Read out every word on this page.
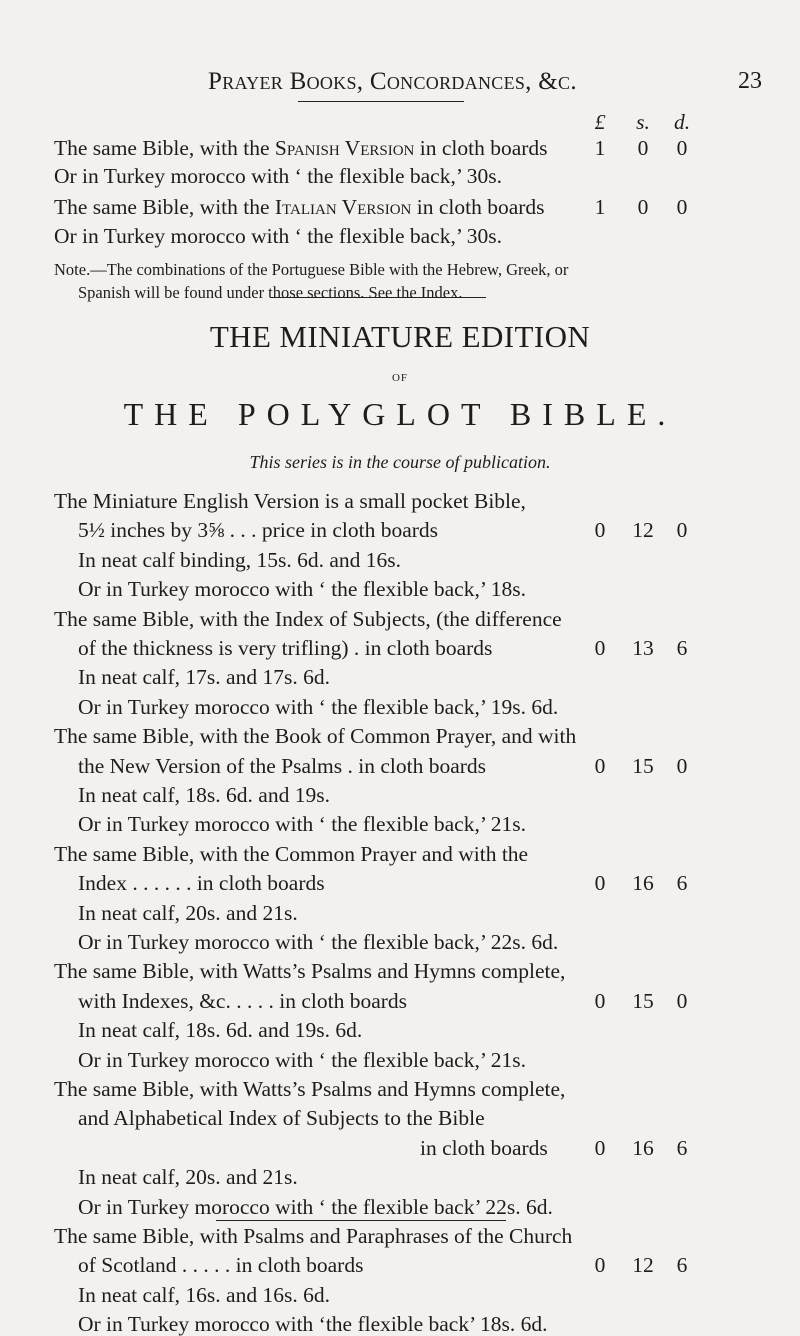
Prayer Books, Concordances, &c.	23
£	s.	d.
The same Bible, with the Spanish Version in cloth boards	1	0	0
Or in Turkey morocco with ‘ the flexible back,’ 30s.
The same Bible, with the Italian Version in cloth boards	1	0	0
Or in Turkey morocco with ‘ the flexible back,’ 30s.
Note.—The combinations of the Portuguese Bible with the Hebrew, Greek, or
Spanish will be found under those sections. See the Index.
THE MINIATURE EDITION
OF
THE POLYGLOT BIBLE.
This series is in the course of publication.
The Miniature English Version is a small pocket Bible,
5½ inches by 3⅝ . . . price in cloth boards	0	12	0
In neat calf binding, 15s. 6d. and 16s.
Or in Turkey morocco with ‘ the flexible back,’ 18s.
The same Bible, with the Index of Subjects, (the difference
of the thickness is very trifling) . in cloth boards	0	13	6
In neat calf, 17s. and 17s. 6d.
Or in Turkey morocco with ‘ the flexible back,’ 19s. 6d.
The same Bible, with the Book of Common Prayer, and with
the New Version of the Psalms . in cloth boards	0	15	0
In neat calf, 18s. 6d. and 19s.
Or in Turkey morocco with ‘ the flexible back,’ 21s.
The same Bible, with the Common Prayer and with the
Index . . . . . . in cloth boards	0	16	6
In neat calf, 20s. and 21s.
Or in Turkey morocco with ‘ the flexible back,’ 22s. 6d.
The same Bible, with Watts’s Psalms and Hymns complete,
with Indexes, &c. . . . . in cloth boards	0	15	0
In neat calf, 18s. 6d. and 19s. 6d.
Or in Turkey morocco with ‘ the flexible back,’ 21s.
The same Bible, with Watts’s Psalms and Hymns complete,
and Alphabetical Index of Subjects to the Bible
in cloth boards	0	16	6
In neat calf, 20s. and 21s.
Or in Turkey morocco with ‘ the flexible back’ 22s. 6d.
The same Bible, with Psalms and Paraphrases of the Church
of Scotland . . . . . in cloth boards	0	12	6
In neat calf, 16s. and 16s. 6d.
Or in Turkey morocco with ‘the flexible back’ 18s. 6d.
